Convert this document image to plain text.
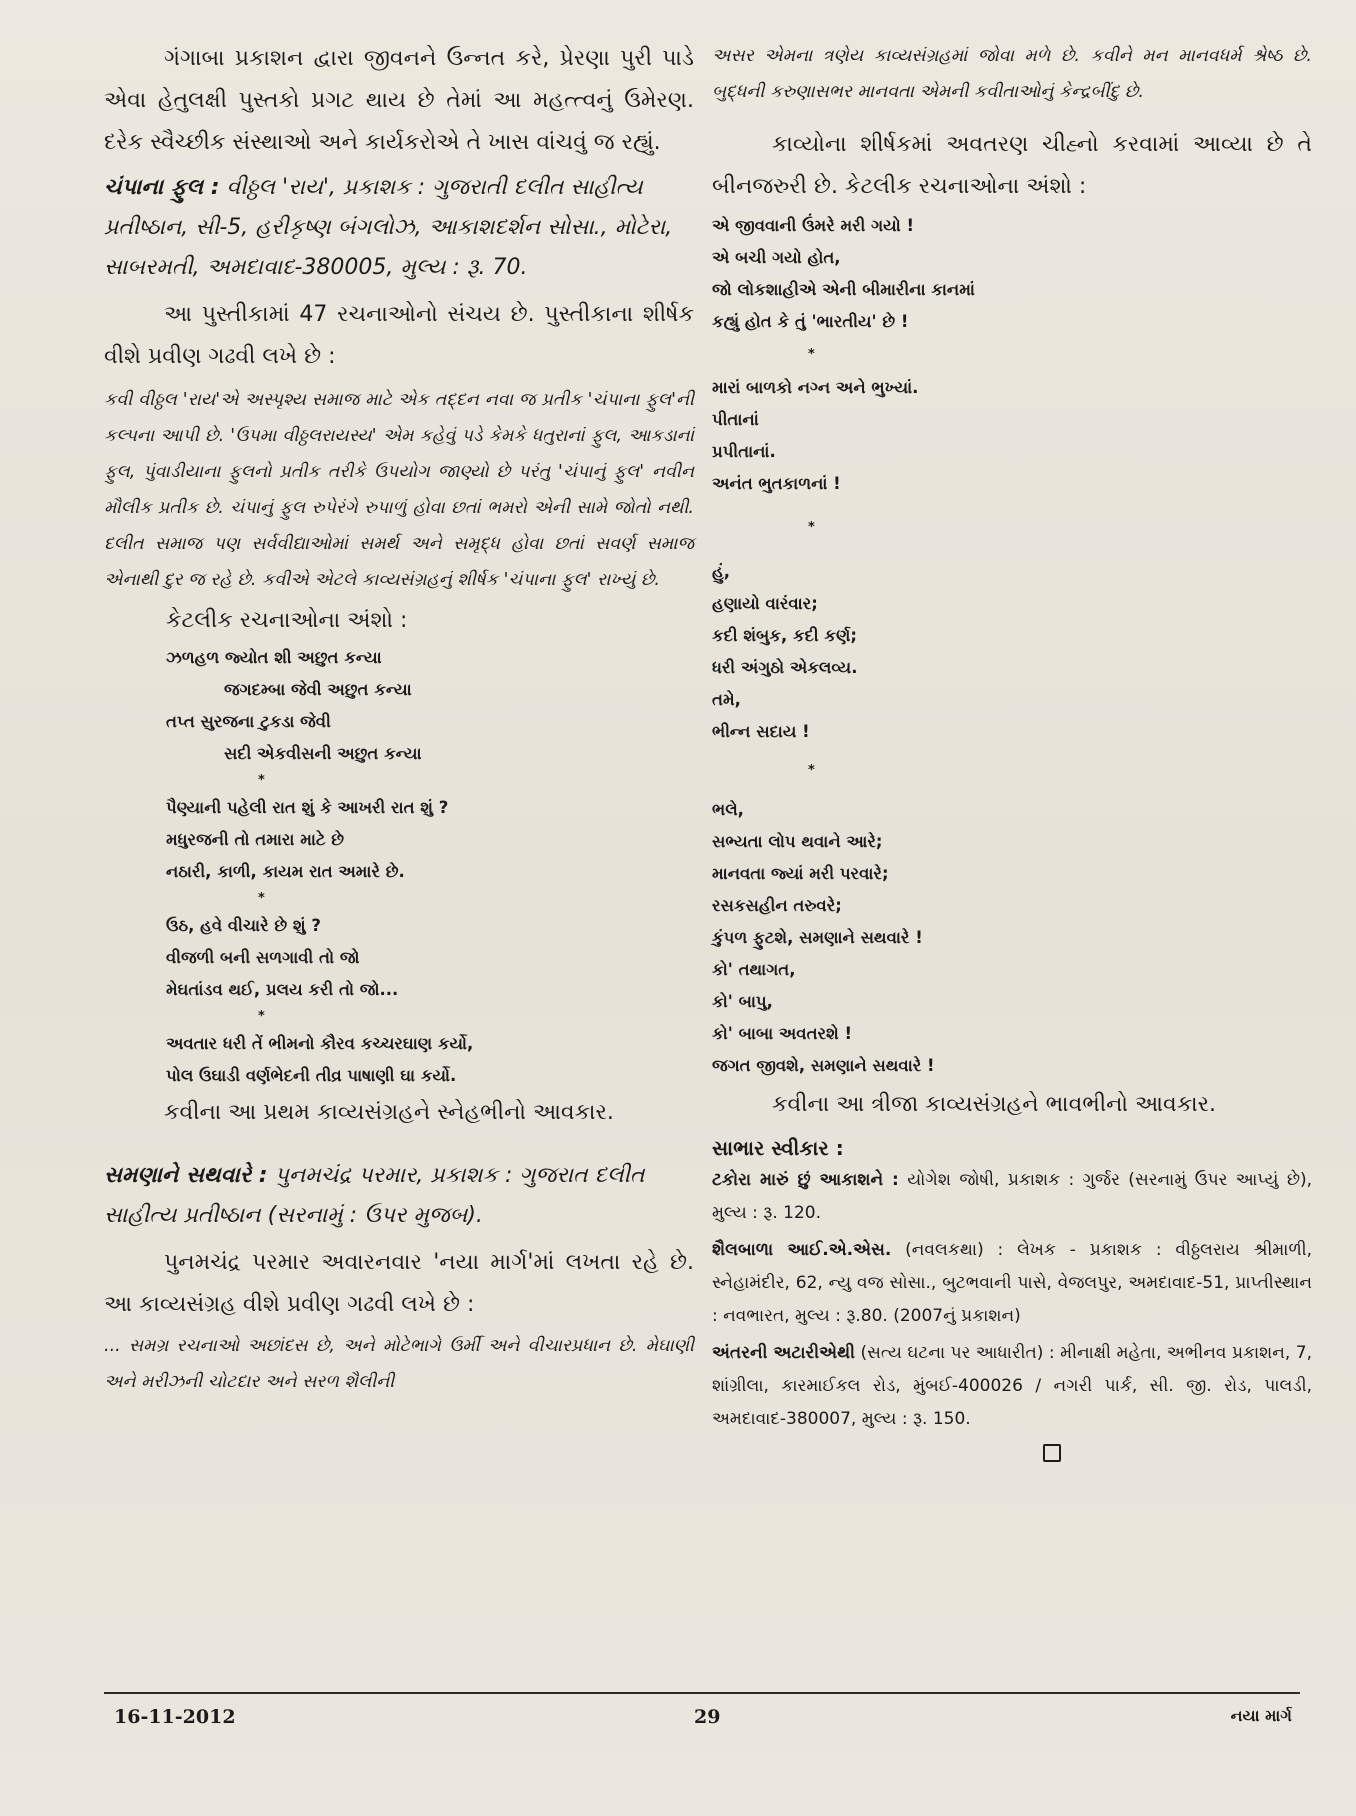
ગંગાબા પ્રકાશન દ્વારા જીવનને ઉન્નત કરે, પ્રેરણા પુરી પાડે એવા હેતુલક્ષી પુસ્તકો પ્રગટ થાય છે તેમાં આ મહત્ત્વનું ઉમેરણ. દરેક સ્વૈચ્છીક સંસ્થાઓ અને કાર્યકરોએ તે ખાસ વાંચવું જ રહ્યું.

ચંપાના ફુલ : વીઠ્ઠલ 'રાય', પ્રકાશક : ગુજરાતી દલીત સાહીત્ય પ્રતીષ્ઠાન, સી-5, હરીકૃષ્ણ બંગલોઝ, આકાશદર્શન સોસા., મોટેરા, સાબરમતી, અમદાવાદ-380005, મુલ્ય : રૂ. 70.

આ પુસ્તીકામાં 47 રચનાઓનો સંચય છે. પુસ્તીકાના શીર્ષક વીશે પ્રવીણ ગઢવી લખે છે :

કવી વીઠ્ઠલ 'રાય'એ અસ્પૃશ્ય સમાજ માટે એક તદ્દન નવા જ પ્રતીક 'ચંપાના ફુલ'ની કલ્પના આપી છે. 'ઉપમા વીઠ્ઠલરાયસ્ય' એમ કહેવું પડે કેમકે ધતુરાનાં ફુલ, આકડાનાં ફુલ, પુંવાડીયાના ફુલનો પ્રતીક તરીકે ઉપયોગ જાણ્યો છે પરંતુ 'ચંપાનું ફુલ' નવીન મૌલીક પ્રતીક છે. ચંપાનું ફુલ રુપેરંગે રુપાળું હોવા છતાં ભમરો એની સામે જોતો નથી. દલીત સમાજ પણ સર્વવીદ્યાઓમાં સમર્થ અને સમૃદ્ધ હોવા છતાં સવર્ણ સમાજ એનાથી દુર જ રહે છે. કવીએ એટલે કાવ્યસંગ્રહનું શીર્ષક 'ચંપાના ફુલ' રાખ્યું છે.

કેટલીક રચનાઓના અંશો :

ઝળહળ જ્યોત શી અછુત કન્યા
જગદમ્બા જેવી અછુત કન્યા
તપ્ત સુરજના ટુકડા જેવી
સદી એકવીસની અછુત કન્યા
*
પૈણ્યાની પહેલી રાત શું કે આખરી રાત શું ?
મધુરજની તો તમારા માટે છે
નઠારી, કાળી, કાયમ રાત અમારે છે.
*
ઉઠ, હવે વીચારે છે શું ?
વીજળી બની સળગાવી તો જો
મેઘતાંડવ થઈ, પ્રલય કરી તો જો...
*
અવતાર ધરી તેં ભીમનો કૌરવ કચ્ચરઘાણ કર્યો,
પોલ ઉઘાડી વર્ણભેદની તીવ્ર પાષાણી ઘા કર્યો.

કવીના આ પ્રથમ કાવ્યસંગ્રહને સ્નેહભીનો આવકાર.

સમણાને સથવારે : પુનમચંદ્ર પરમાર, પ્રકાશક : ગુજરાત દલીત સાહીત્ય પ્રતીષ્ઠાન (સરનામું : ઉપર મુજબ).

પુનમચંદ્ર પરમાર અવારનવાર 'નયા માર્ગ'માં લખતા રહે છે. આ કાવ્યસંગ્રહ વીશે પ્રવીણ ગઢવી લખે છે :

... સમગ્ર રચનાઓ અછાંદસ છે, અને મોટેભાગે ઉર્મી અને વીચારપ્રધાન છે. મેઘાણી અને મરીઝની ચોટદાર અને સરળ શૈલીની

અસર એમના ત્રણેય કાવ્યસંગ્રહમાં જોવા મળે છે. કવીને મન માનવધર્મ શ્રેષ્ઠ છે. બુદ્ધની કરુણાસભર માનવતા એમની કવીતાઓનું કેન્દ્રબીંદુ છે.

કાવ્યોના શીર્ષકમાં અવતરણ ચીહ્નો કરવામાં આવ્યા છે તે બીનજરુરી છે. કેટલીક રચનાઓના અંશો :

એ જીવવાની ઉંમરે મરી ગયો !
એ બચી ગયો હોત,
જો લોકશાહીએ એની બીમારીના કાનમાં
કહ્યું હોત કે તું 'ભારતીય' છે !
*
મારાં બાળકો નગ્ન અને ભુખ્યાં.
પીતાનાં
પ્રપીતાનાં.
અનંત ભુતકાળનાં !
*
હું,
હણાયો વારંવાર;
કદી શંબુક, કદી કર્ણ;
ધરી અંગુઠો એકલવ્ય.
તમે,
ભીન્ન સદાય !
*
ભલે,
સભ્યતા લોપ થવાને આરે;
માનવતા જ્યાં મરી પરવારે;
રસકસહીન તરુવરે;
કુંપળ ફુટશે, સમણાને સથવારે !
કો' તથાગત,
કો' બાપુ,
કો' બાબા અવતરશે !
જગત જીવશે, સમણાને સથવારે !

કવીના આ ત્રીજા કાવ્યસંગ્રહને ભાવભીનો આવકાર.

સાભાર સ્વીકાર :

ટકોરા મારું છું આકાશને : યોગેશ જોષી, પ્રકાશક : ગુર્જર (સરનામું ઉપર આપ્યું છે), મુલ્ય : રૂ. 120.

શૈલબાળા આઈ.એ.એસ. (નવલકથા) : લેખક - પ્રકાશક : વીઠ્ઠલરાય શ્રીમાળી, સ્નેહામંદીર, 62, ન્યુ વજ સોસા., બુટભવાની પાસે, વેજલપુર, અમદાવાદ-51, પ્રાપ્તીસ્થાન : નવભારત, મુલ્ય : રૂ.80. (2007નું પ્રકાશન)

અંતરની અટારીએથી (સત્ય ઘટના પર આધારીત) : મીનાક્ષી મહેતા, અભીનવ પ્રકાશન, 7, શાંગ્રીલા, કારમાઈકલ રોડ, મુંબઈ-400026 / નગરી પાર્ક, સી. જી. રોડ, પાલડી, અમદાવાદ-380007, મુલ્ય : રૂ. 150.

16-11-2012	29	નયા માર્ગ
